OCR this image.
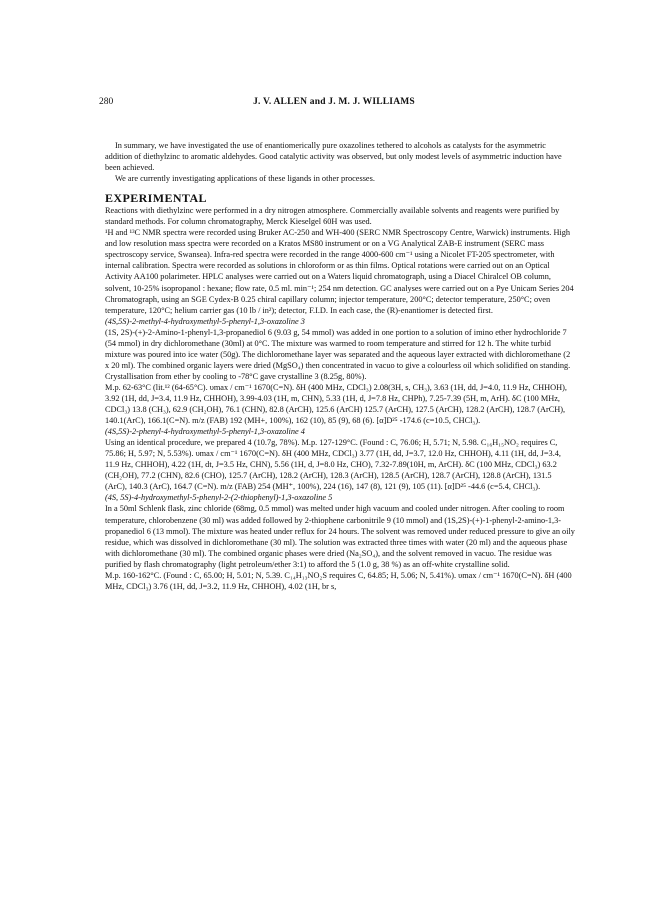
280	J. V. ALLEN and J. M. J. WILLIAMS

In summary, we have investigated the use of enantiomerically pure oxazolines tethered to alcohols as catalysts for the asymmetric addition of diethylzinc to aromatic aldehydes. Good catalytic activity was observed, but only modest levels of asymmetric induction have been achieved.

We are currently investigating applications of these ligands in other processes.

EXPERIMENTAL

Reactions with diethylzinc were performed in a dry nitrogen atmosphere. Commercially available solvents and reagents were purified by standard methods. For column chromatography, Merck Kieselgel 60H was used.

¹H and ¹³C NMR spectra were recorded using Bruker AC-250 and WH-400 (SERC NMR Spectroscopy Centre, Warwick) instruments. High and low resolution mass spectra were recorded on a Kratos MS80 instrument or on a VG Analytical ZAB-E instrument (SERC mass spectroscopy service, Swansea). Infra-red spectra were recorded in the range 4000-600 cm⁻¹ using a Nicolet FT-205 spectrometer, with internal calibration. Spectra were recorded as solutions in chloroform or as thin films. Optical rotations were carried out on an Optical Activity AA100 polarimeter. HPLC analyses were carried out on a Waters liquid chromatograph, using a Diacel Chiralcel OB column, solvent, 10-25% isopropanol : hexane; flow rate, 0.5 ml. min⁻¹; 254 nm detection. GC analyses were carried out on a Pye Unicam Series 204 Chromatograph, using an SGE Cydex-B 0.25 chiral capillary column; injector temperature, 200°C; detector temperature, 250°C; oven temperature, 120°C; helium carrier gas (10 lb / in²); detector, F.I.D. In each case, the (R)-enantiomer is detected first.

(4S,5S)-2-methyl-4-hydroxymethyl-5-phenyl-1,3-oxazoline 3

(1S, 2S)-(+)-2-Amino-1-phenyl-1,3-propanediol 6 (9.03 g, 54 mmol) was added in one portion to a solution of imino ether hydrochloride 7 (54 mmol) in dry dichloromethane (30ml) at 0°C. The mixture was warmed to room temperature and stirred for 12 h. The white turbid mixture was poured into ice water (50g). The dichloromethane layer was separated and the aqueous layer extracted with dichloromethane (2 x 20 ml). The combined organic layers were dried (MgSO₄) then concentrated in vacuo to give a colourless oil which solidified on standing. Crystallisation from ether by cooling to -78°C gave crystalline 3 (8.25g, 80%).

M.p. 62-63°C (lit.¹² (64-65°C). υmax / cm⁻¹ 1670(C=N). δH (400 MHz, CDCl₃) 2.08(3H, s, CH₃), 3.63 (1H, dd, J=4.0, 11.9 Hz, CHHOH), 3.92 (1H, dd, J=3.4, 11.9 Hz, CHHOH), 3.99-4.03 (1H, m, CHN), 5.33 (1H, d, J=7.8 Hz, CHPh), 7.25-7.39 (5H, m, ArH). δC (100 MHz, CDCl₃) 13.8 (CH₃), 62.9 (CH₂OH), 76.1 (CHN), 82.8 (ArCH), 125.6 (ArCH) 125.7 (ArCH), 127.5 (ArCH), 128.2 (ArCH), 128.7 (ArCH), 140.1(ArC), 166.1(C=N). m/z (FAB) 192 (MH+, 100%), 162 (10), 85 (9), 68 (6). [α]D²⁵ -174.6 (c=10.5, CHCl₃).

(4S,5S)-2-phenyl-4-hydroxymethyl-5-phenyl-1,3-oxazoline 4

Using an identical procedure, we prepared 4 (10.7g, 78%). M.p. 127-129°C. (Found : C, 76.06; H, 5.71; N, 5.98. C₁₆H₁₅NO₂ requires C, 75.86; H, 5.97; N, 5.53%). υmax / cm⁻¹ 1670(C=N). δH (400 MHz, CDCl₃) 3.77 (1H, dd, J=3.7, 12.0 Hz, CHHOH), 4.11 (1H, dd, J=3.4, 11.9 Hz, CHHOH), 4.22 (1H, dt, J=3.5 Hz, CHN), 5.56 (1H, d, J=8.0 Hz, CHO), 7.32-7.89(10H, m, ArCH). δC (100 MHz, CDCl₃) 63.2 (CH₂OH), 77.2 (CHN), 82.6 (CHO), 125.7 (ArCH), 128.2 (ArCH), 128.3 (ArCH), 128.5 (ArCH), 128.7 (ArCH), 128.8 (ArCH), 131.5 (ArC), 140.3 (ArC), 164.7 (C=N). m/z (FAB) 254 (MH⁺, 100%), 224 (16), 147 (8), 121 (9), 105 (11). [α]D²⁵ -44.6 (c=5.4, CHCl₃).

(4S, 5S)-4-hydroxymethyl-5-phenyl-2-(2-thiophenyl)-1,3-oxazoline 5

In a 50ml Schlenk flask, zinc chloride (68mg, 0.5 mmol) was melted under high vacuum and cooled under nitrogen. After cooling to room temperature, chlorobenzene (30 ml) was added followed by 2-thiophene carbonitrile 9 (10 mmol) and (1S,2S)-(+)-1-phenyl-2-amino-1,3-propanediol 6 (13 mmol). The mixture was heated under reflux for 24 hours. The solvent was removed under reduced pressure to give an oily residue, which was dissolved in dichloromethane (30 ml). The solution was extracted three times with water (20 ml) and the aqueous phase with dichloromethane (30 ml). The combined organic phases were dried (Na₂SO₄), and the solvent removed in vacuo. The residue was purified by flash chromatography (light petroleum/ether 3:1) to afford the 5 (1.0 g, 38 %) as an off-white crystalline solid.

M.p. 160-162°C. (Found : C, 65.00; H, 5.01; N, 5.39. C₁₄H₁₃NO₂S requires C, 64.85; H, 5.06; N, 5.41%). υmax / cm⁻¹ 1670(C=N). δH (400 MHz, CDCl₃) 3.76 (1H, dd, J=3.2, 11.9 Hz, CHHOH), 4.02 (1H, br s,
